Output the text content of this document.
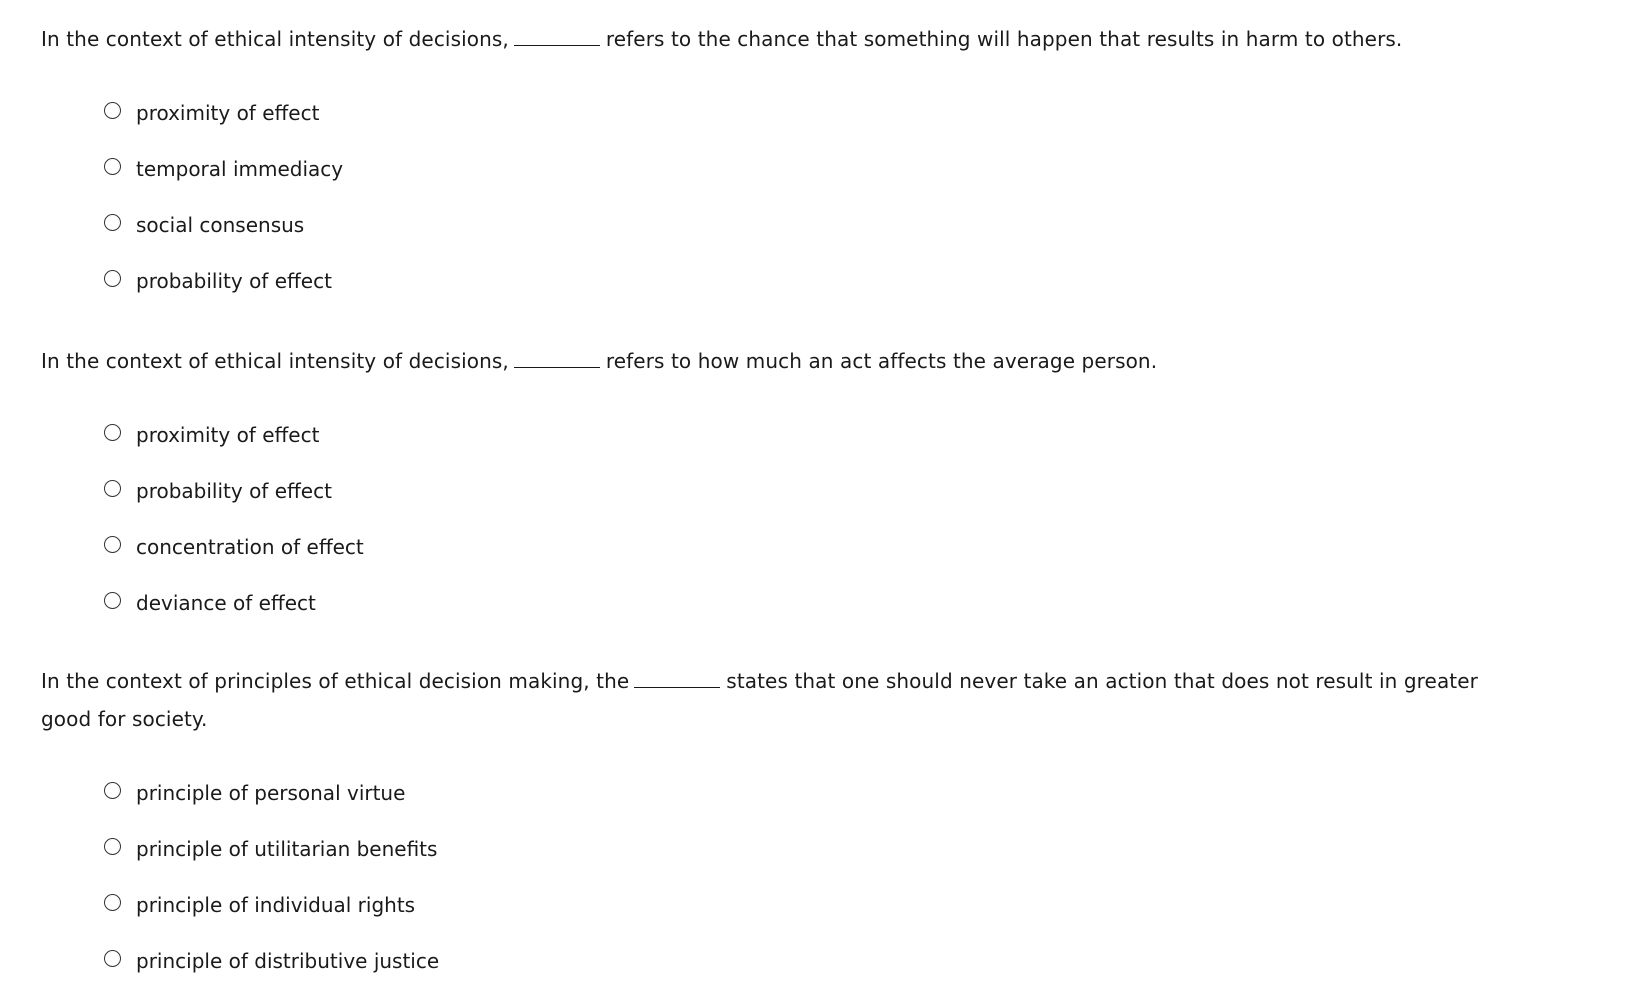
In the context of ethical intensity of decisions,	refers to the chance that something will happen that results in harm to others.
proximity of effect
temporal immediacy
social consensus
probability of effect
In the context of ethical intensity of decisions,	refers to how much an act affects the average person.
proximity of effect
probability of effect
concentration of effect
deviance of effect
In the context of principles of ethical decision making, the	states that one should never take an action that does not result in greater good for society.
principle of personal virtue
principle of utilitarian benefits
principle of individual rights
principle of distributive justice
